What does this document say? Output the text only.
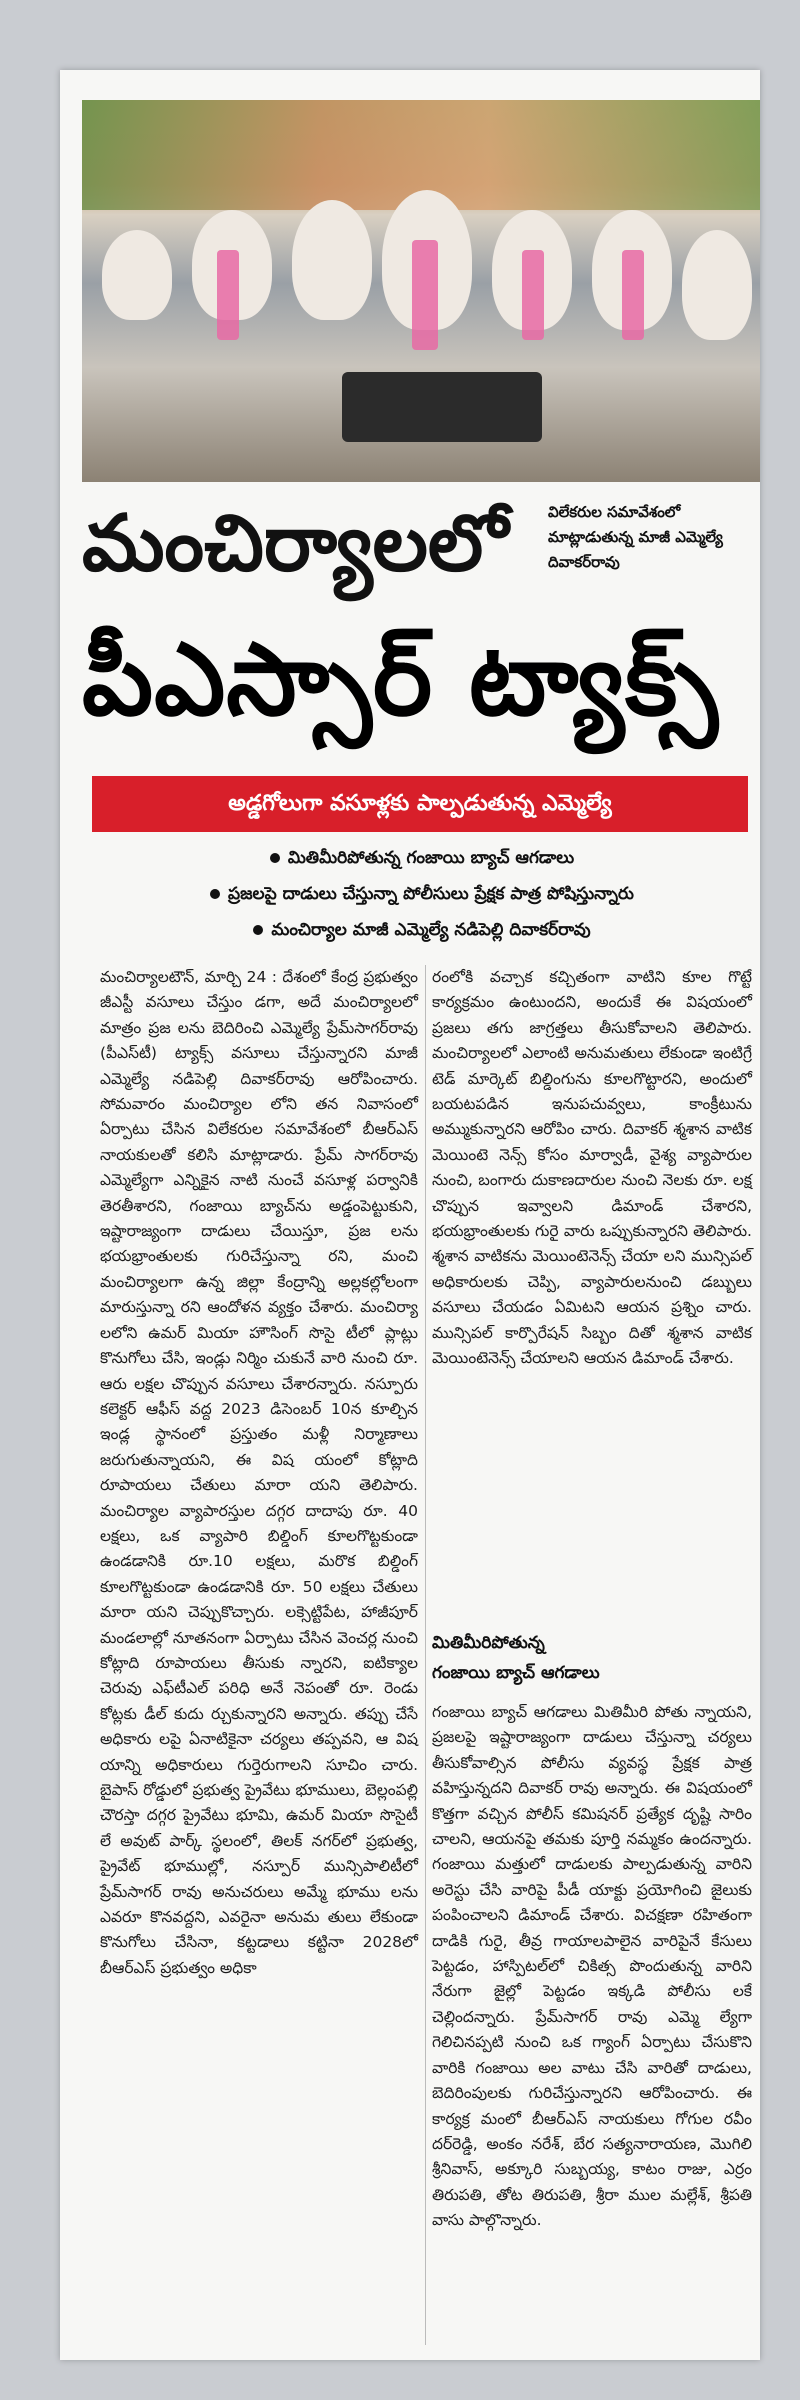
విలేకరుల సమావేశంలో మాట్లాడుతున్న మాజీ ఎమ్మెల్యే దివాకర్‌రావు
మంచిర్యాలలో
పీఎస్సార్ ట్యాక్స్
అడ్డగోలుగా వసూళ్లకు పాల్పడుతున్న ఎమ్మెల్యే
మితిమీరిపోతున్న గంజాయి బ్యాచ్ ఆగడాలు
ప్రజలపై దాడులు చేస్తున్నా పోలీసులు ప్రేక్షక పాత్ర పోషిస్తున్నారు
మంచిర్యాల మాజీ ఎమ్మెల్యే నడిపెల్లి దివాకర్‌రావు
మంచిర్యాలటౌన్, మార్చి 24 : దేశంలో కేంద్ర ప్రభుత్వం జీఎస్టీ వసూలు చేస్తుం డగా, అదే మంచిర్యాలలో మాత్రం ప్రజ లను బెదిరించి ఎమ్మెల్యే ప్రేమ్‌సాగర్‌రావు (పీఎస్‌టీ) ట్యాక్స్ వసూలు చేస్తున్నారని మాజీ ఎమ్మెల్యే నడిపెల్లి దివాకర్‌రావు ఆరోపించారు. సోమవారం మంచిర్యాల లోని తన నివాసంలో ఏర్పాటు చేసిన విలేకరుల సమావేశంలో బీఆర్ఎస్ నాయకులతో కలిసి మాట్లాడారు. ప్రేమ్ సాగర్‌రావు ఎమ్మెల్యేగా ఎన్నికైన నాటి నుంచే వసూళ్ల పర్వానికి తెరతీశారని, గంజాయి బ్యాచ్‌ను అడ్డంపెట్టుకుని, ఇష్టారాజ్యంగా దాడులు చేయిస్తూ, ప్రజ లను భయభ్రాంతులకు గురిచేస్తున్నా రని, మంచి మంచిర్యాలగా ఉన్న జిల్లా కేంద్రాన్ని అల్లకల్లోలంగా మారుస్తున్నా రని ఆందోళన వ్యక్తం చేశారు. మంచిర్యా లలోని ఉమర్ మియా హౌసింగ్ సొసై టీలో ప్లాట్లు కొనుగోలు చేసి, ఇండ్లు నిర్మిం చుకునే వారి నుంచి రూ. ఆరు లక్షల చొప్పున వసూలు చేశారన్నారు. నస్పూరు కలెక్టర్ ఆఫీస్ వద్ద 2023 డిసెంబర్ 10న కూల్చిన ఇండ్ల స్థానంలో ప్రస్తుతం మళ్లీ నిర్మాణాలు జరుగుతున్నాయని, ఈ విష యంలో కోట్లాది రూపాయలు చేతులు మారా యని తెలిపారు. మంచిర్యాల వ్యాపారస్తుల దగ్గర దాదాపు రూ. 40 లక్షలు, ఒక వ్యాపారి బిల్డింగ్ కూలగొట్టకుండా ఉండడానికి రూ.10 లక్షలు, మరొక బిల్డింగ్ కూలగొట్టకుండా ఉండడానికి రూ. 50 లక్షలు చేతులు మారా యని చెప్పుకొచ్చారు. లక్సెట్టిపేట, హాజీపూర్ మండలాల్లో నూతనంగా ఏర్పాటు చేసిన వెంచర్ల నుంచి కోట్లాది రూపాయలు తీసుకు న్నారని, ఐటిక్యాల చెరువు ఎఫ్‌టీఎల్ పరిధి అనే నెపంతో రూ. రెండు కోట్లకు డీల్ కుదు ర్చుకున్నారని అన్నారు. తప్పు చేసే అధికారు లపై ఏనాటికైనా చర్యలు తప్పవని, ఆ విష యాన్ని అధికారులు గుర్తెరుగాలని సూచిం చారు. బైపాస్ రోడ్డులో ప్రభుత్వ ప్రైవేటు భూములు, బెల్లంపల్లి చౌరస్తా దగ్గర ప్రైవేటు భూమి, ఉమర్ మియా సొసైటీ లే అవుట్ పార్క్ స్థలంలో, తిలక్ నగర్‌లో ప్రభుత్వ, ప్రైవేట్ భూముల్లో, నస్పూర్ మున్సిపాలిటీలో ప్రేమ్‌సాగర్ రావు అనుచరులు అమ్మే భూము లను ఎవరూ కొనవద్దని, ఎవరైనా అనుమ తులు లేకుండా కొనుగోలు చేసినా, కట్టడాలు కట్టినా 2028లో బీఆర్ఎస్ ప్రభుత్వం అధికా
రంలోకి వచ్చాక కచ్చితంగా వాటిని కూల గొట్టే కార్యక్రమం ఉంటుందని, అందుకే ఈ విషయంలో ప్రజలు తగు జాగ్రత్తలు తీసుకోవాలని తెలిపారు. మంచిర్యాలలో ఎలాంటి అనుమతులు లేకుండా ఇంటిగ్రే టెడ్ మార్కెట్ బిల్డింగును కూలగొట్టారని, అందులో బయటపడిన ఇనుపచువ్వలు, కాంక్రీటును అమ్ముకున్నారని ఆరోపిం చారు. దివాకర్ శ్మశాన వాటిక మెయింటె నెన్స్ కోసం మార్వాడీ, వైశ్య వ్యాపారుల నుంచి, బంగారు దుకాణదారుల నుంచి నెలకు రూ. లక్ష చొప్పున ఇవ్వాలని డిమాండ్ చేశారని, భయభ్రాంతులకు గురై వారు ఒప్పుకున్నారని తెలిపారు. శ్మశాన వాటికను మెయింటెనెన్స్ చేయా లని మున్సిపల్ అధికారులకు చెప్పి, వ్యాపారులనుంచి డబ్బులు వసూలు చేయడం ఏమిటని ఆయన ప్రశ్నిం చారు. మున్సిపల్ కార్పొరేషన్ సిబ్బం దితో శ్మశాన వాటిక మెయింటెనెన్స్ చేయాలని ఆయన డిమాండ్ చేశారు.
మితిమీరిపోతున్న
గంజాయి బ్యాచ్ ఆగడాలు
గంజాయి బ్యాచ్ ఆగడాలు మితిమీరి పోతు న్నాయని, ప్రజలపై ఇష్టారాజ్యంగా దాడులు చేస్తున్నా చర్యలు తీసుకోవాల్సిన పోలీసు వ్యవస్థ ప్రేక్షక పాత్ర వహిస్తున్నదని దివాకర్ రావు అన్నారు. ఈ విషయంలో కొత్తగా వచ్చిన పోలీస్ కమిషనర్ ప్రత్యేక దృష్టి సారిం చాలని, ఆయనపై తమకు పూర్తి నమ్మకం ఉందన్నారు. గంజాయి మత్తులో దాడులకు పాల్పడుతున్న వారిని అరెస్టు చేసి వారిపై పీడీ యాక్టు ప్రయోగించి జైలుకు పంపించాలని డిమాండ్ చేశారు. విచక్షణా రహితంగా దాడికి గురై, తీవ్ర గాయాలపాలైన వారిపైనే కేసులు పెట్టడం, హాస్పిటల్‌లో చికిత్స పొందుతున్న వారిని నేరుగా జైల్లో పెట్టడం ఇక్కడి పోలీసు లకే చెల్లిందన్నారు. ప్రేమ్‌సాగర్ రావు ఎమ్మె ల్యేగా గెలిచినప్పటి నుంచి ఒక గ్యాంగ్ ఏర్పాటు చేసుకొని వారికి గంజాయి అల వాటు చేసి వారితో దాడులు, బెదిరింపులకు గురిచేస్తున్నారని ఆరోపించారు. ఈ కార్యక్ర మంలో బీఆర్ఎస్ నాయకులు గోగుల రవీం దర్‌రెడ్డి, అంకం నరేశ్, బేర సత్యనారాయణ, మొగిలి శ్రీనివాస్, అక్కూరి సుబ్బయ్య, కాటం రాజు, ఎర్రం తిరుపతి, తోట తిరుపతి, శ్రీరా ముల మల్లేశ్, శ్రీపతి వాసు పాల్గొన్నారు.
